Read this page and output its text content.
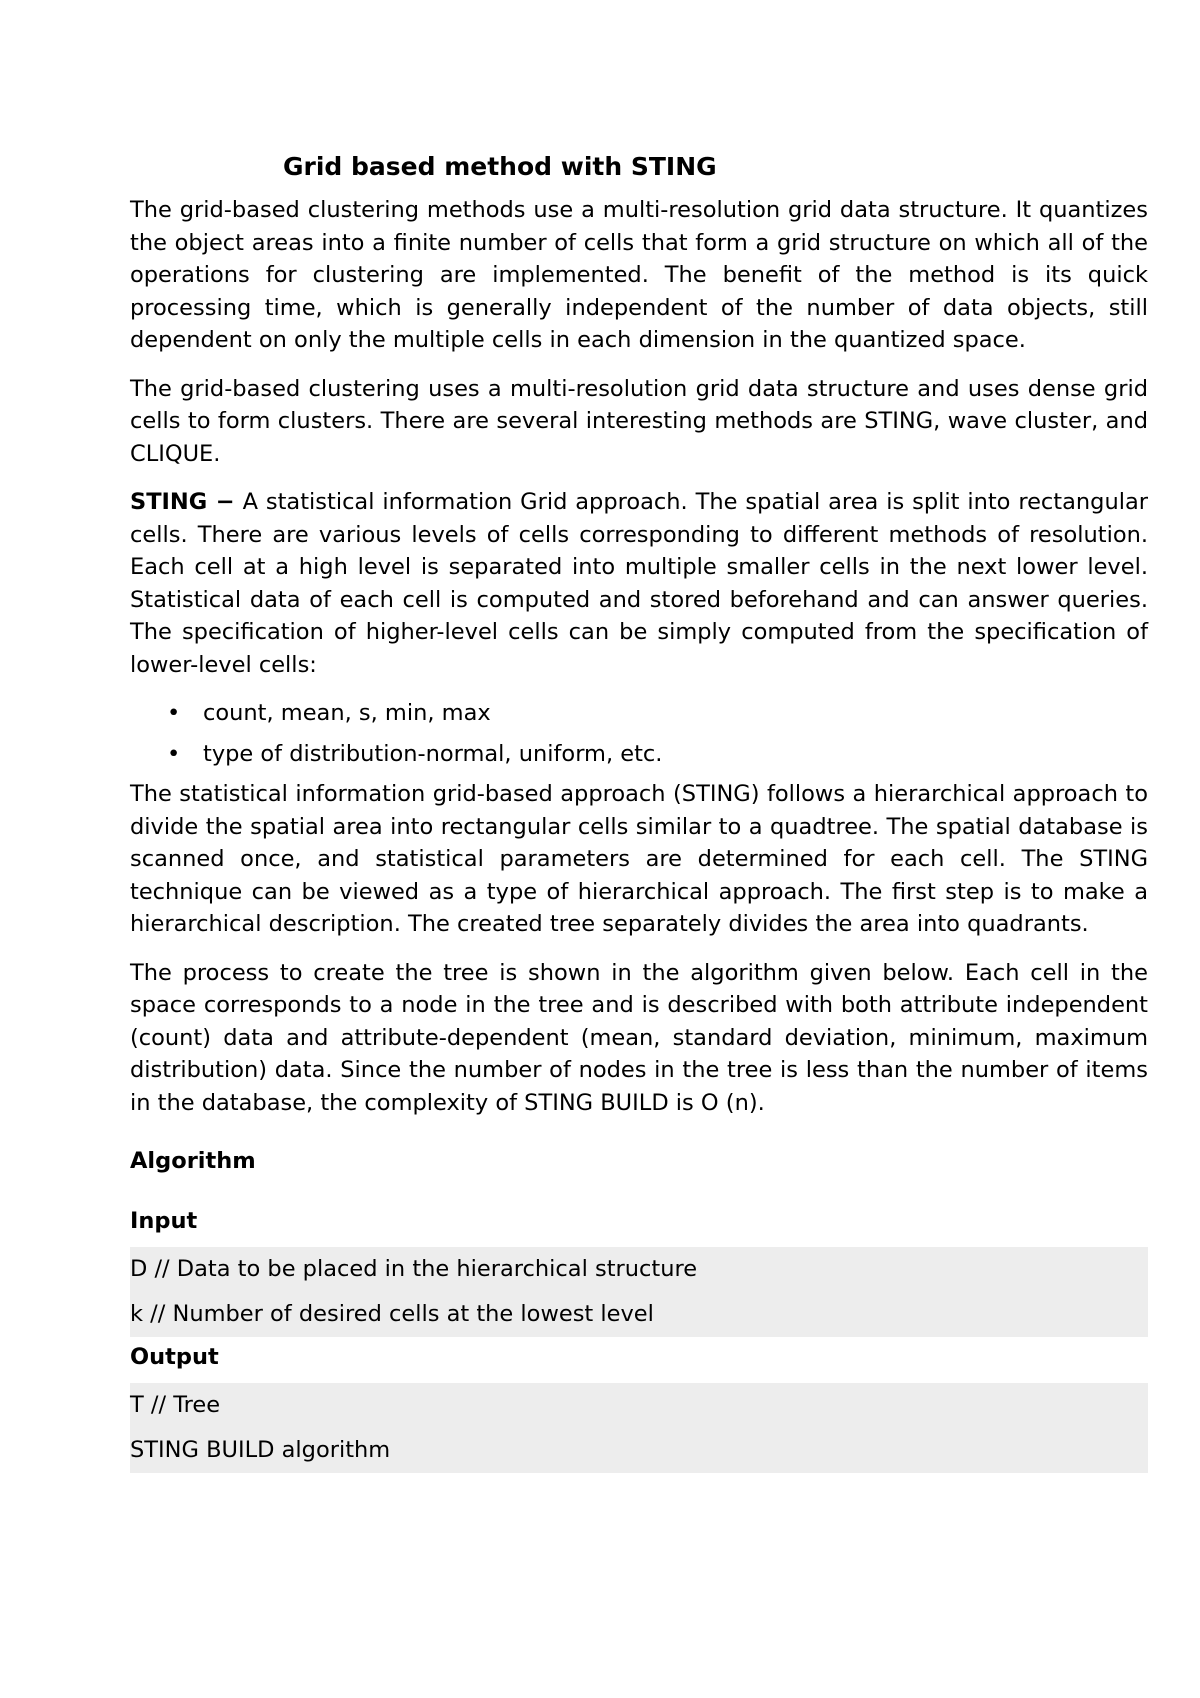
Grid based method with STING

The grid-based clustering methods use a multi-resolution grid data structure. It quantizes the object areas into a finite number of cells that form a grid structure on which all of the operations for clustering are implemented. The benefit of the method is its quick processing time, which is generally independent of the number of data objects, still dependent on only the multiple cells in each dimension in the quantized space.

The grid-based clustering uses a multi-resolution grid data structure and uses dense grid cells to form clusters. There are several interesting methods are STING, wave cluster, and CLIQUE.

STING − A statistical information Grid approach. The spatial area is split into rectangular cells. There are various levels of cells corresponding to different methods of resolution. Each cell at a high level is separated into multiple smaller cells in the next lower level. Statistical data of each cell is computed and stored beforehand and can answer queries. The specification of higher-level cells can be simply computed from the specification of lower-level cells:

• count, mean, s, min, max
• type of distribution-normal, uniform, etc.

The statistical information grid-based approach (STING) follows a hierarchical approach to divide the spatial area into rectangular cells similar to a quadtree. The spatial database is scanned once, and statistical parameters are determined for each cell. The STING technique can be viewed as a type of hierarchical approach. The first step is to make a hierarchical description. The created tree separately divides the area into quadrants.

The process to create the tree is shown in the algorithm given below. Each cell in the space corresponds to a node in the tree and is described with both attribute independent (count) data and attribute-dependent (mean, standard deviation, minimum, maximum distribution) data. Since the number of nodes in the tree is less than the number of items in the database, the complexity of STING BUILD is O (n).

Algorithm
Input
D // Data to be placed in the hierarchical structure
k // Number of desired cells at the lowest level
Output
T // Tree
STING BUILD algorithm
